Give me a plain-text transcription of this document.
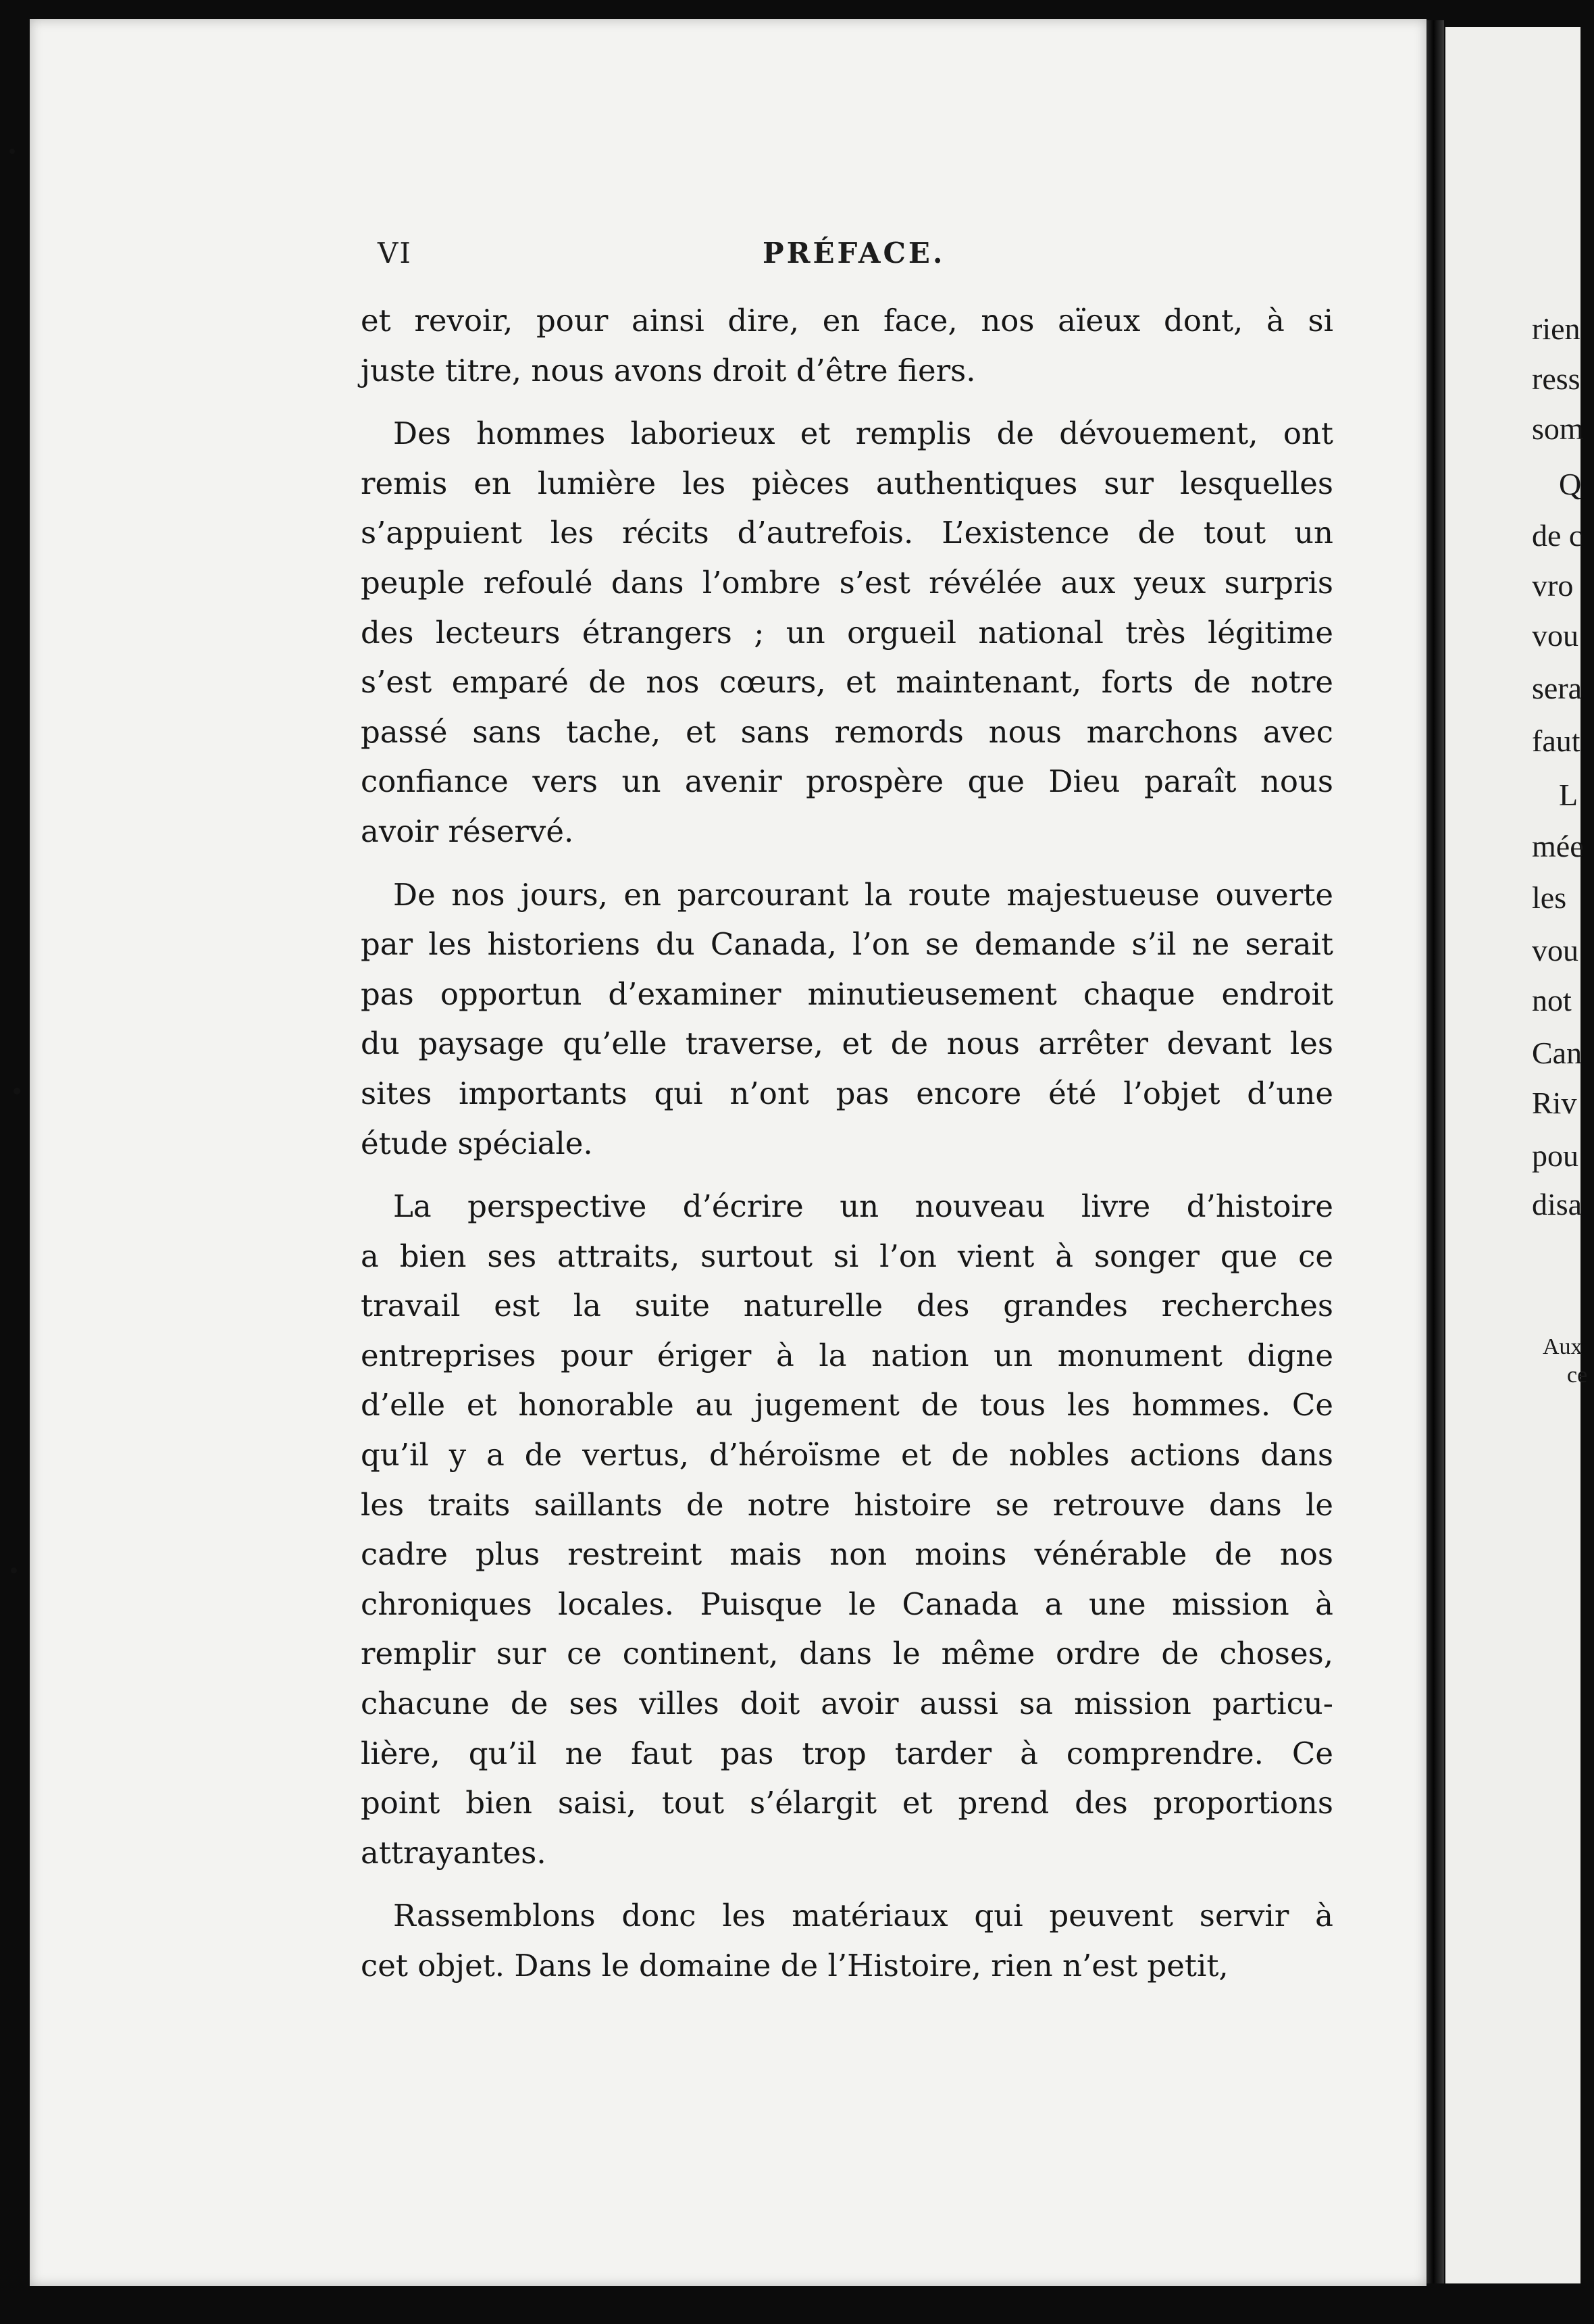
VI	PRÉFACE.
et revoir, pour ainsi dire, en face, nos aïeux dont, à si
juste titre, nous avons droit d’être fiers.
Des hommes laborieux et remplis de dévouement, ont
remis en lumière les pièces authentiques sur lesquelles
s’appuient les récits d’autrefois. L’existence de tout un
peuple refoulé dans l’ombre s’est révélée aux yeux surpris
des lecteurs étrangers ; un orgueil national très légitime
s’est emparé de nos cœurs, et maintenant, forts de notre
passé sans tache, et sans remords nous marchons avec
confiance vers un avenir prospère que Dieu paraît nous
avoir réservé.
De nos jours, en parcourant la route majestueuse ouverte
par les historiens du Canada, l’on se demande s’il ne serait
pas opportun d’examiner minutieusement chaque endroit
du paysage qu’elle traverse, et de nous arrêter devant les
sites importants qui n’ont pas encore été l’objet d’une
étude spéciale.
La perspective d’écrire un nouveau livre d’histoire
a bien ses attraits, surtout si l’on vient à songer que ce
travail est la suite naturelle des grandes recherches
entreprises pour ériger à la nation un monument digne
d’elle et honorable au jugement de tous les hommes. Ce
qu’il y a de vertus, d’héroïsme et de nobles actions dans
les traits saillants de notre histoire se retrouve dans le
cadre plus restreint mais non moins vénérable de nos
chroniques locales. Puisque le Canada a une mission à
remplir sur ce continent, dans le même ordre de choses,
chacune de ses villes doit avoir aussi sa mission particu-
lière, qu’il ne faut pas trop tarder à comprendre. Ce
point bien saisi, tout s’élargit et prend des proportions
attrayantes.
Rassemblons donc les matériaux qui peuvent servir à
cet objet. Dans le domaine de l’Histoire, rien n’est petit,
rien
ress
som
Q
de c
vro
vou
sera
faut
L
mée
les
vou
not
Can
Riv
pou
disa
Aux
ce
